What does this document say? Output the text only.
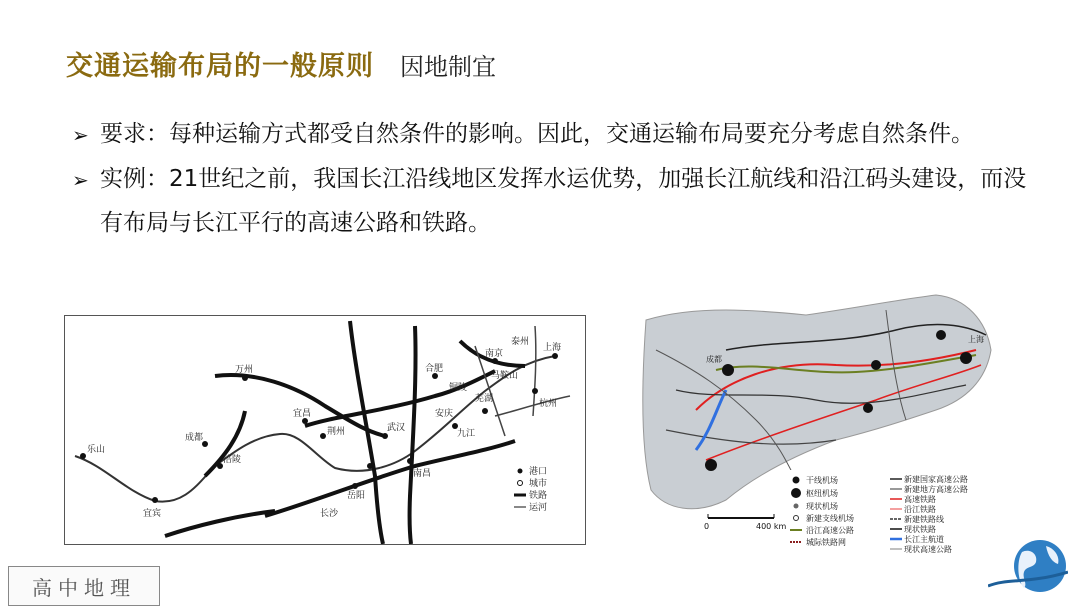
交通运输布局的一般原则 因地制宜
➢ 要求：每种运输方式都受自然条件的影响。因此，交通运输布局要充分考虑自然条件。
➢ 实例：21世纪之前，我国长江沿线地区发挥水运优势，加强长江航线和沿江码头建设，而没有布局与长江平行的高速公路和铁路。
乐山
宜宾
成都
万州
宜昌
荆州
涪陵
岳阳
南昌
九江
合肥
南京
上海
杭州
泰州
马鞍山
芜湖
安庆
铜陵
武汉
长沙
港口
城市
铁路
运河
成都
上海
0	400 km
干线机场
枢纽机场
现状机场
新建支线机场
沿江高速公路
城际铁路网
新建国家高速公路
新建地方高速公路
高速铁路
沿江铁路
新建铁路线
现状铁路
长江主航道
现状高速公路
高中地理
